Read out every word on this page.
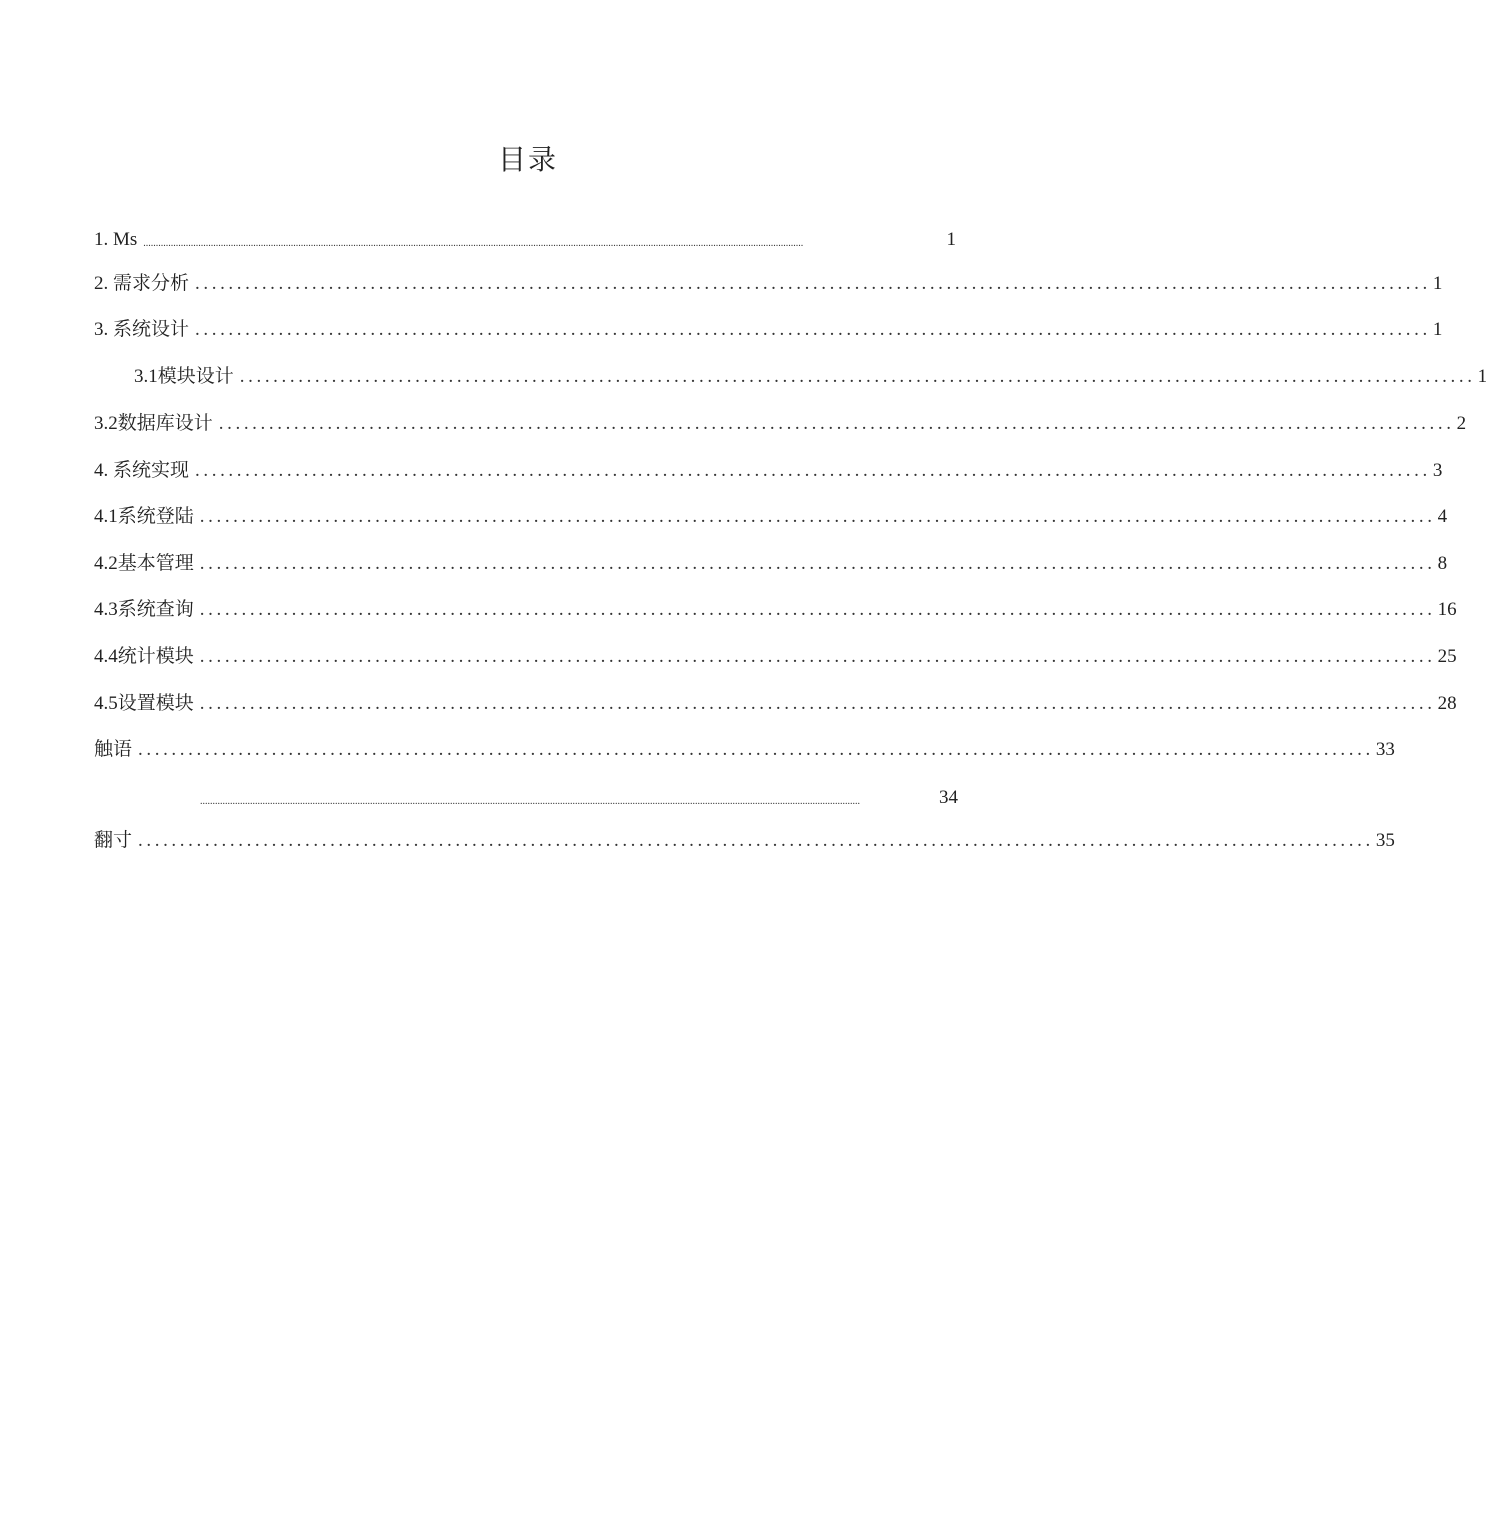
目录
1. Ms ........................................................................................................................................................................................................................................................................	1
2. 需求分析 .................................................................................................................................................... 1
3. 系统设计 .................................................................................................................................................... 1
3.1模块设计 .................................................................................................................................................... 1
3.2数据库设计 .................................................................................................................................................... 2
4. 系统实现 .................................................................................................................................................... 3
4.1系统登陆 .................................................................................................................................................... 4
4.2基本管理 .................................................................................................................................................... 8
4.3系统查询 .................................................................................................................................................... 16
4.4统计模块 .................................................................................................................................................... 25
4.5设置模块 .................................................................................................................................................... 28
触语 .................................................................................................................................................... 33
........................................................................................................................................................................................................................................................................	34
翻寸 .................................................................................................................................................... 35
